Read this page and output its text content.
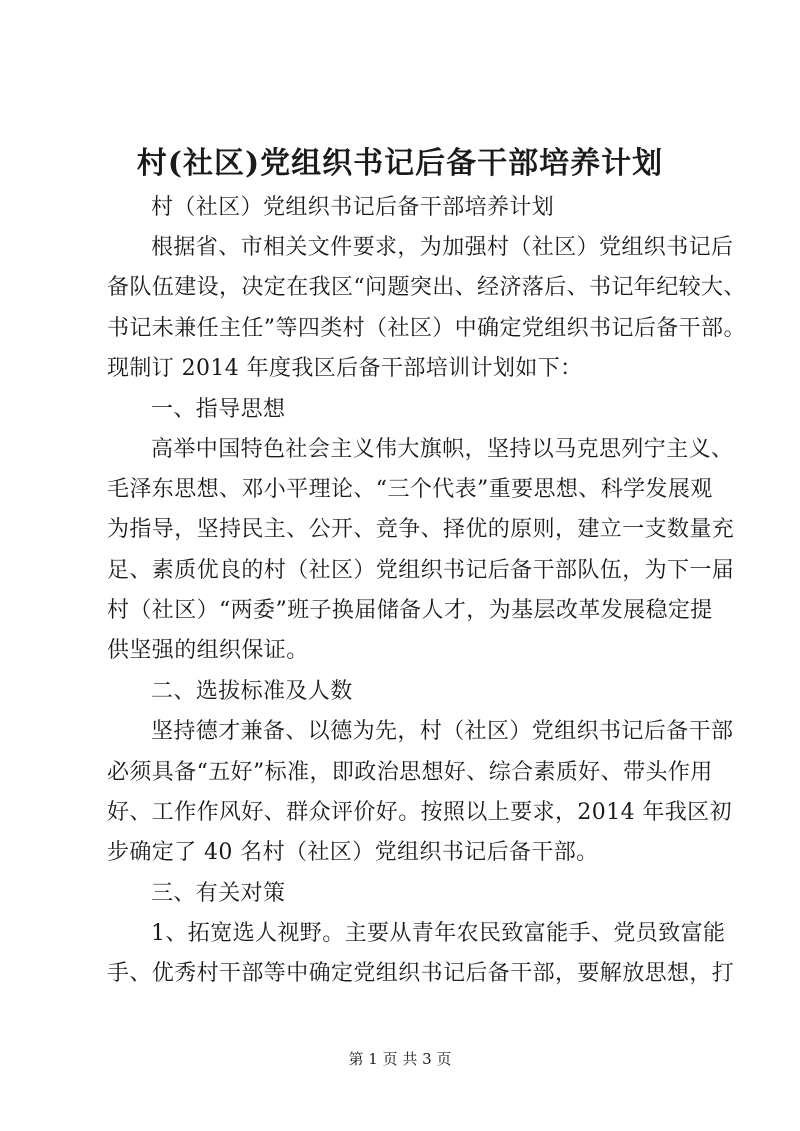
村(社区)党组织书记后备干部培养计划
村（社区）党组织书记后备干部培养计划
根据省、市相关文件要求，为加强村（社区）党组织书记后
备队伍建设，决定在我区“问题突出、经济落后、书记年纪较大、
书记未兼任主任”等四类村（社区）中确定党组织书记后备干部。
现制订 2014 年度我区后备干部培训计划如下：
一、指导思想
高举中国特色社会主义伟大旗帜，坚持以马克思列宁主义、
毛泽东思想、邓小平理论、“三个代表”重要思想、科学发展观
为指导，坚持民主、公开、竞争、择优的原则，建立一支数量充
足、素质优良的村（社区）党组织书记后备干部队伍，为下一届
村（社区）“两委”班子换届储备人才，为基层改革发展稳定提
供坚强的组织保证。
二、选拔标准及人数
坚持德才兼备、以德为先，村（社区）党组织书记后备干部
必须具备“五好”标准，即政治思想好、综合素质好、带头作用
好、工作作风好、群众评价好。按照以上要求，2014 年我区初
步确定了 40 名村（社区）党组织书记后备干部。
三、有关对策
1、拓宽选人视野。主要从青年农民致富能手、党员致富能
手、优秀村干部等中确定党组织书记后备干部，要解放思想，打
第 1 页 共 3 页
